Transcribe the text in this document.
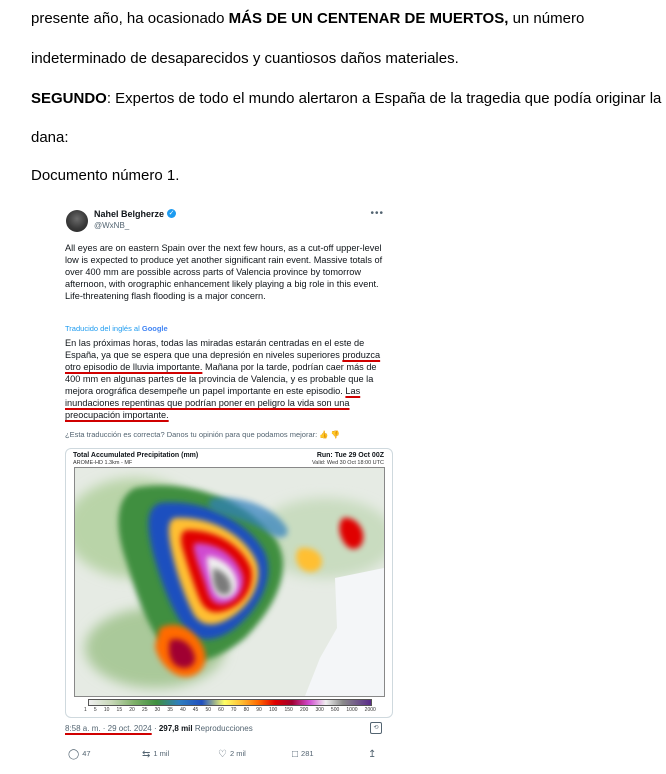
presente año, ha ocasionado MÁS DE UN CENTENAR DE MUERTOS, un número
indeterminado de desaparecidos y cuantiosos daños materiales.
SEGUNDO: Expertos de todo el mundo alertaron a España de la tragedia que podía originar la
dana:
Documento número 1.
Nahel Belgherze ✓
@WxNB_
•••
All eyes are on eastern Spain over the next few hours, as a cut-off upper-level low is expected to produce yet another significant rain event. Massive totals of over 400 mm are possible across parts of Valencia province by tomorrow afternoon, with orographic enhancement likely playing a big role in this event. Life-threatening flash flooding is a major concern.
Traducido del inglés al Google
En las próximas horas, todas las miradas estarán centradas en el este de España, ya que se espera que una depresión en niveles superiores produzca otro episodio de lluvia importante. Mañana por la tarde, podrían caer más de 400 mm en algunas partes de la provincia de Valencia, y es probable que la mejora orográfica desempeñe un papel importante en este episodio. Las inundaciones repentinas que podrían poner en peligro la vida son una preocupación importante.
¿Esta traducción es correcta? Danos tu opinión para que podamos mejorar: 👍 👎
Total Accumulated Precipitation (mm)
AROME-HD 1.3km - MF
Run: Tue 29 Oct 00Z
Valid: Wed 30 Oct 18:00 UTC
1 5 10 15 20 25 30 35 40 45 50 60 70 80 90 100 150 200 300 500 1000 2000
8:58 a. m. · 29 oct. 2024 · 297,8 mil Reproducciones	⟲
◯ 47	⇆ 1 mil	♡ 2 mil	□ 281	↥
